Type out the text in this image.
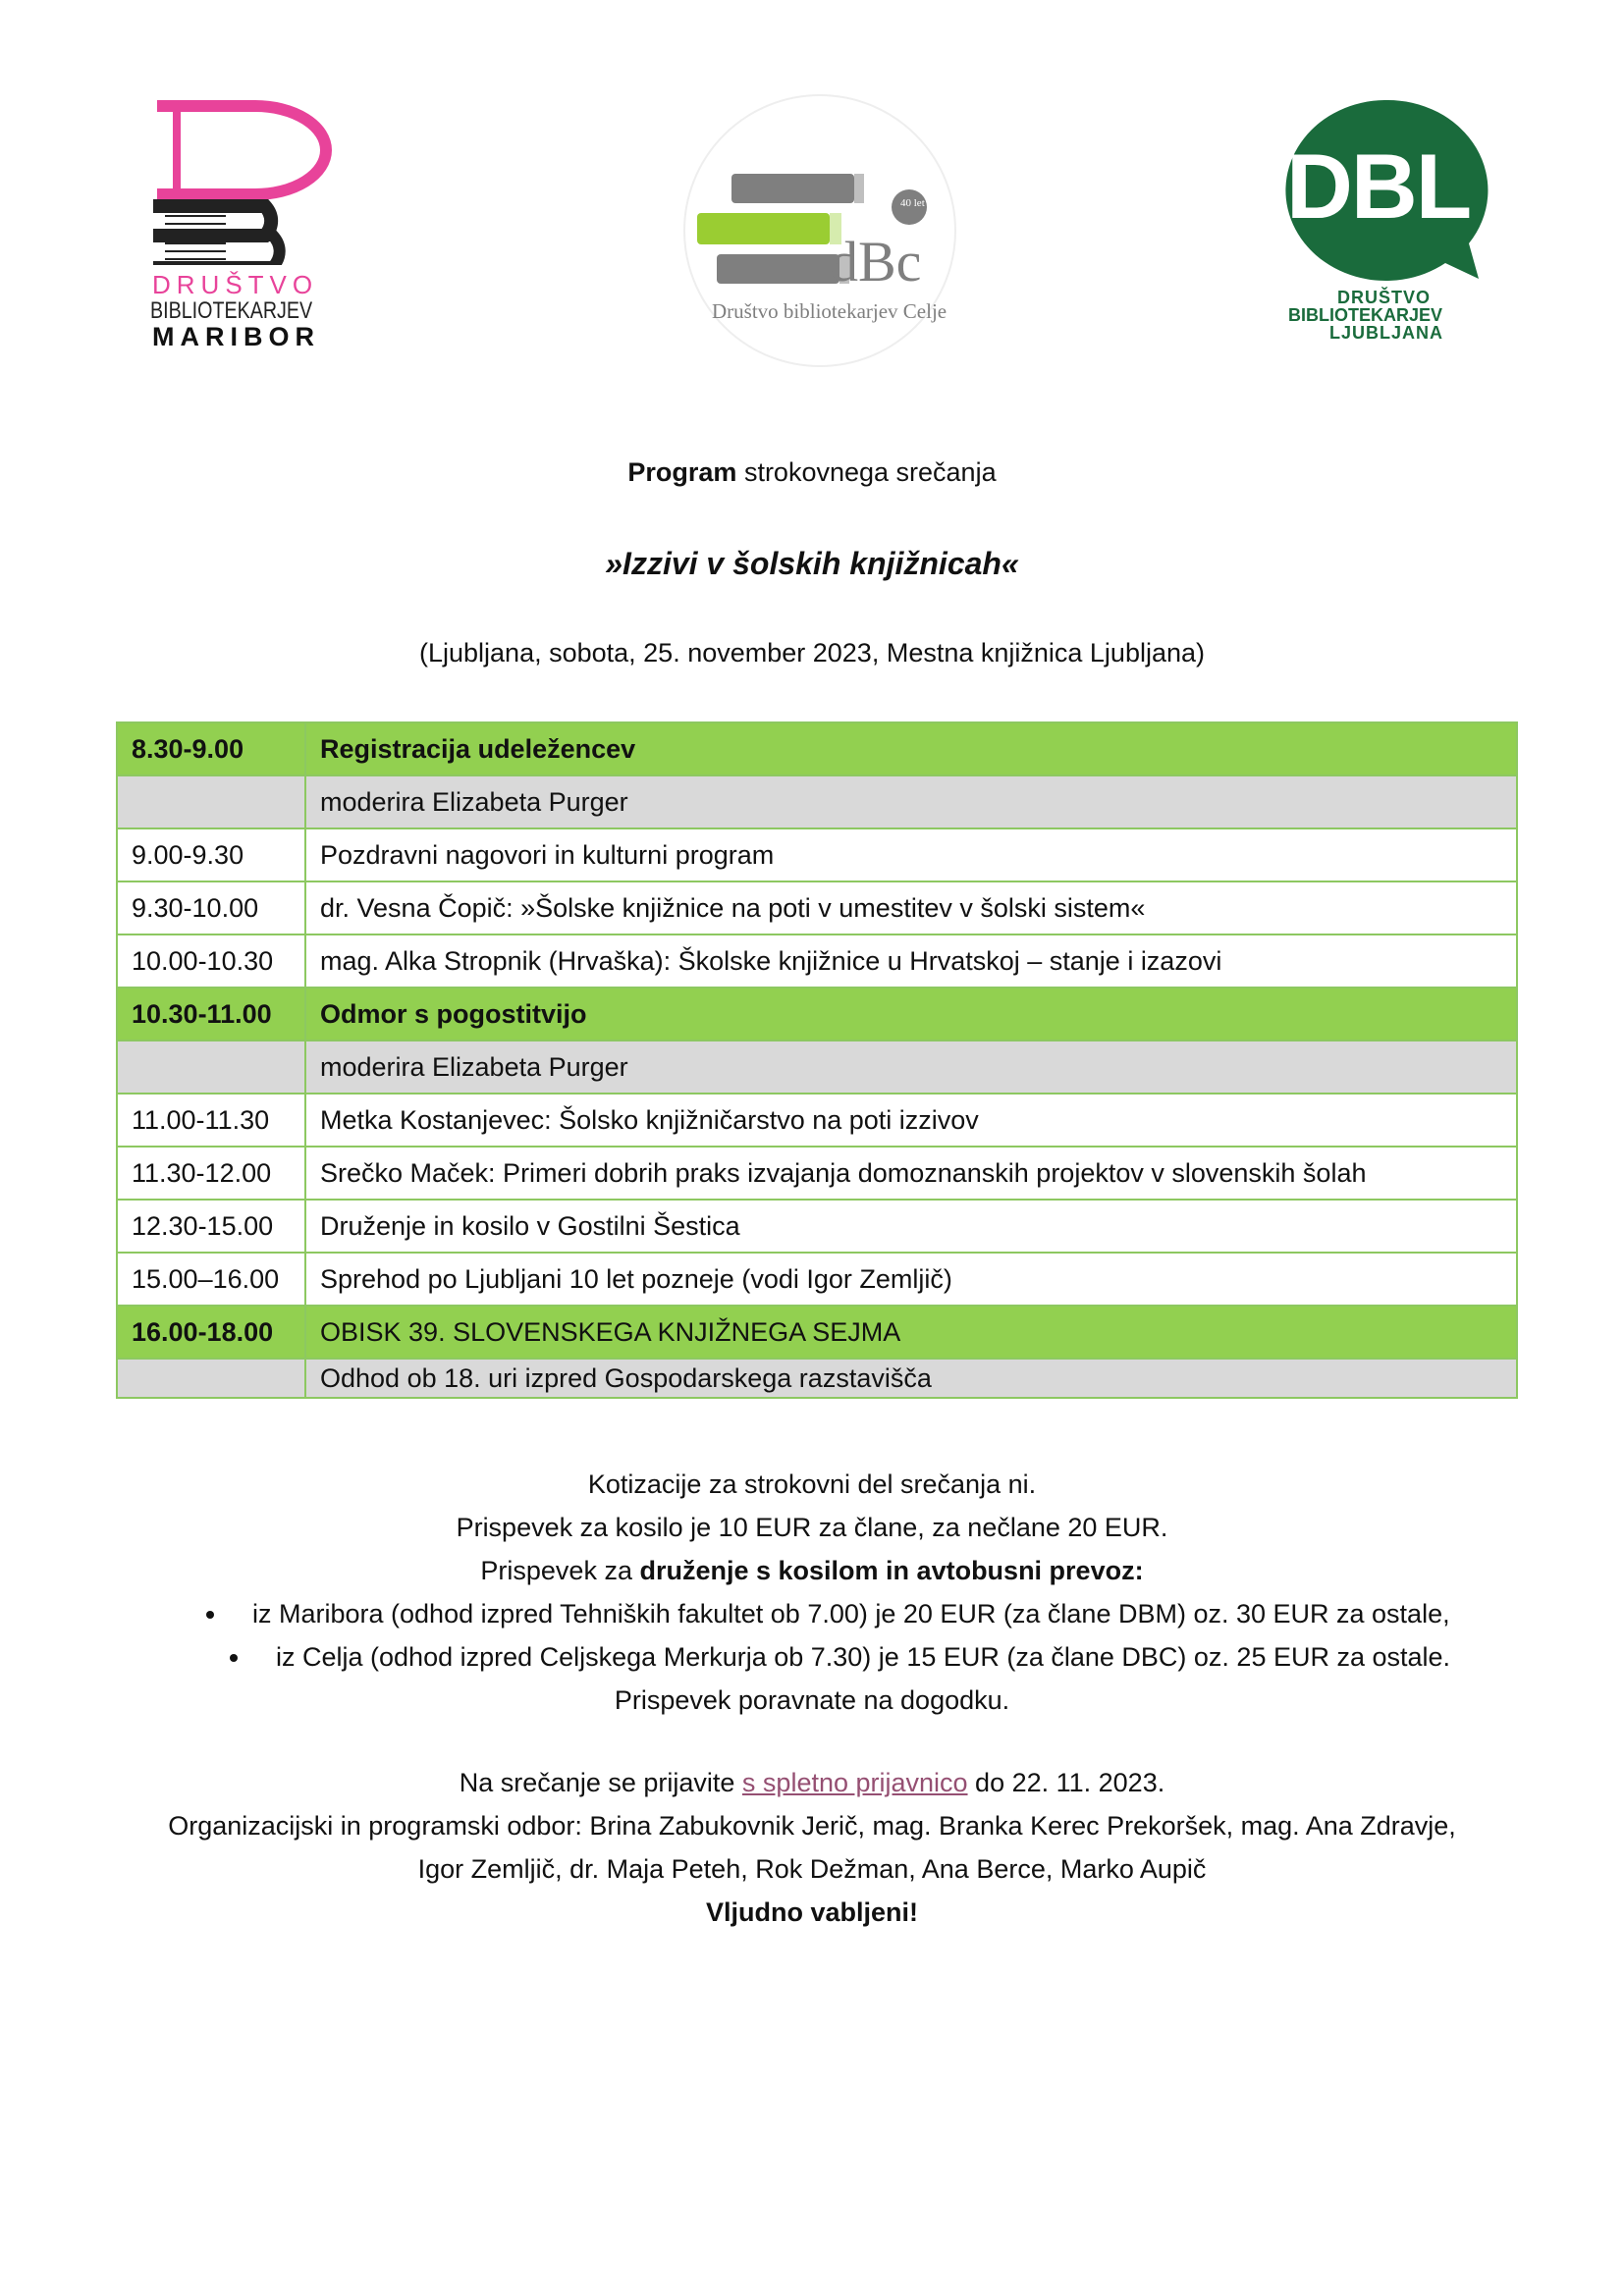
DRUŠTVO
BIBLIOTEKARJEV
MARIBOR
40 let
dBc
Društvo bibliotekarjev Celje
DBL
DRUŠTVO
BIBLIOTEKARJEV
LJUBLJANA
Program strokovnega srečanja
»Izzivi v šolskih knjižnicah«
(Ljubljana, sobota, 25. november 2023, Mestna knjižnica Ljubljana)
8.30-9.00	Registracija udeležencev
	moderira Elizabeta Purger
9.00-9.30	Pozdravni nagovori in kulturni program
9.30-10.00	dr. Vesna Čopič: »Šolske knjižnice na poti v umestitev v šolski sistem«
10.00-10.30	mag. Alka Stropnik (Hrvaška): Školske knjižnice u Hrvatskoj – stanje i izazovi
10.30-11.00	Odmor s pogostitvijo
	moderira Elizabeta Purger
11.00-11.30	Metka Kostanjevec: Šolsko knjižničarstvo na poti izzivov
11.30-12.00	Srečko Maček: Primeri dobrih praks izvajanja domoznanskih projektov v slovenskih šolah
12.30-15.00	Druženje in kosilo v Gostilni Šestica
15.00–16.00	Sprehod po Ljubljani 10 let pozneje (vodi Igor Zemljič)
16.00-18.00	OBISK 39. SLOVENSKEGA KNJIŽNEGA SEJMA
	Odhod ob 18. uri izpred Gospodarskega razstavišča
Kotizacije za strokovni del srečanja ni.
Prispevek za kosilo je 10 EUR za člane, za nečlane 20 EUR.
Prispevek za druženje s kosilom in avtobusni prevoz:
iz Maribora (odhod izpred Tehniških fakultet ob 7.00) je 20 EUR (za člane DBM) oz. 30 EUR za ostale,
iz Celja (odhod izpred Celjskega Merkurja ob 7.30) je 15 EUR (za člane DBC) oz. 25 EUR za ostale.
Prispevek poravnate na dogodku.
Na srečanje se prijavite s spletno prijavnico do 22. 11. 2023.
Organizacijski in programski odbor: Brina Zabukovnik Jerič, mag. Branka Kerec Prekoršek, mag. Ana Zdravje,
Igor Zemljič, dr. Maja Peteh, Rok Dežman, Ana Berce, Marko Aupič
Vljudno vabljeni!
